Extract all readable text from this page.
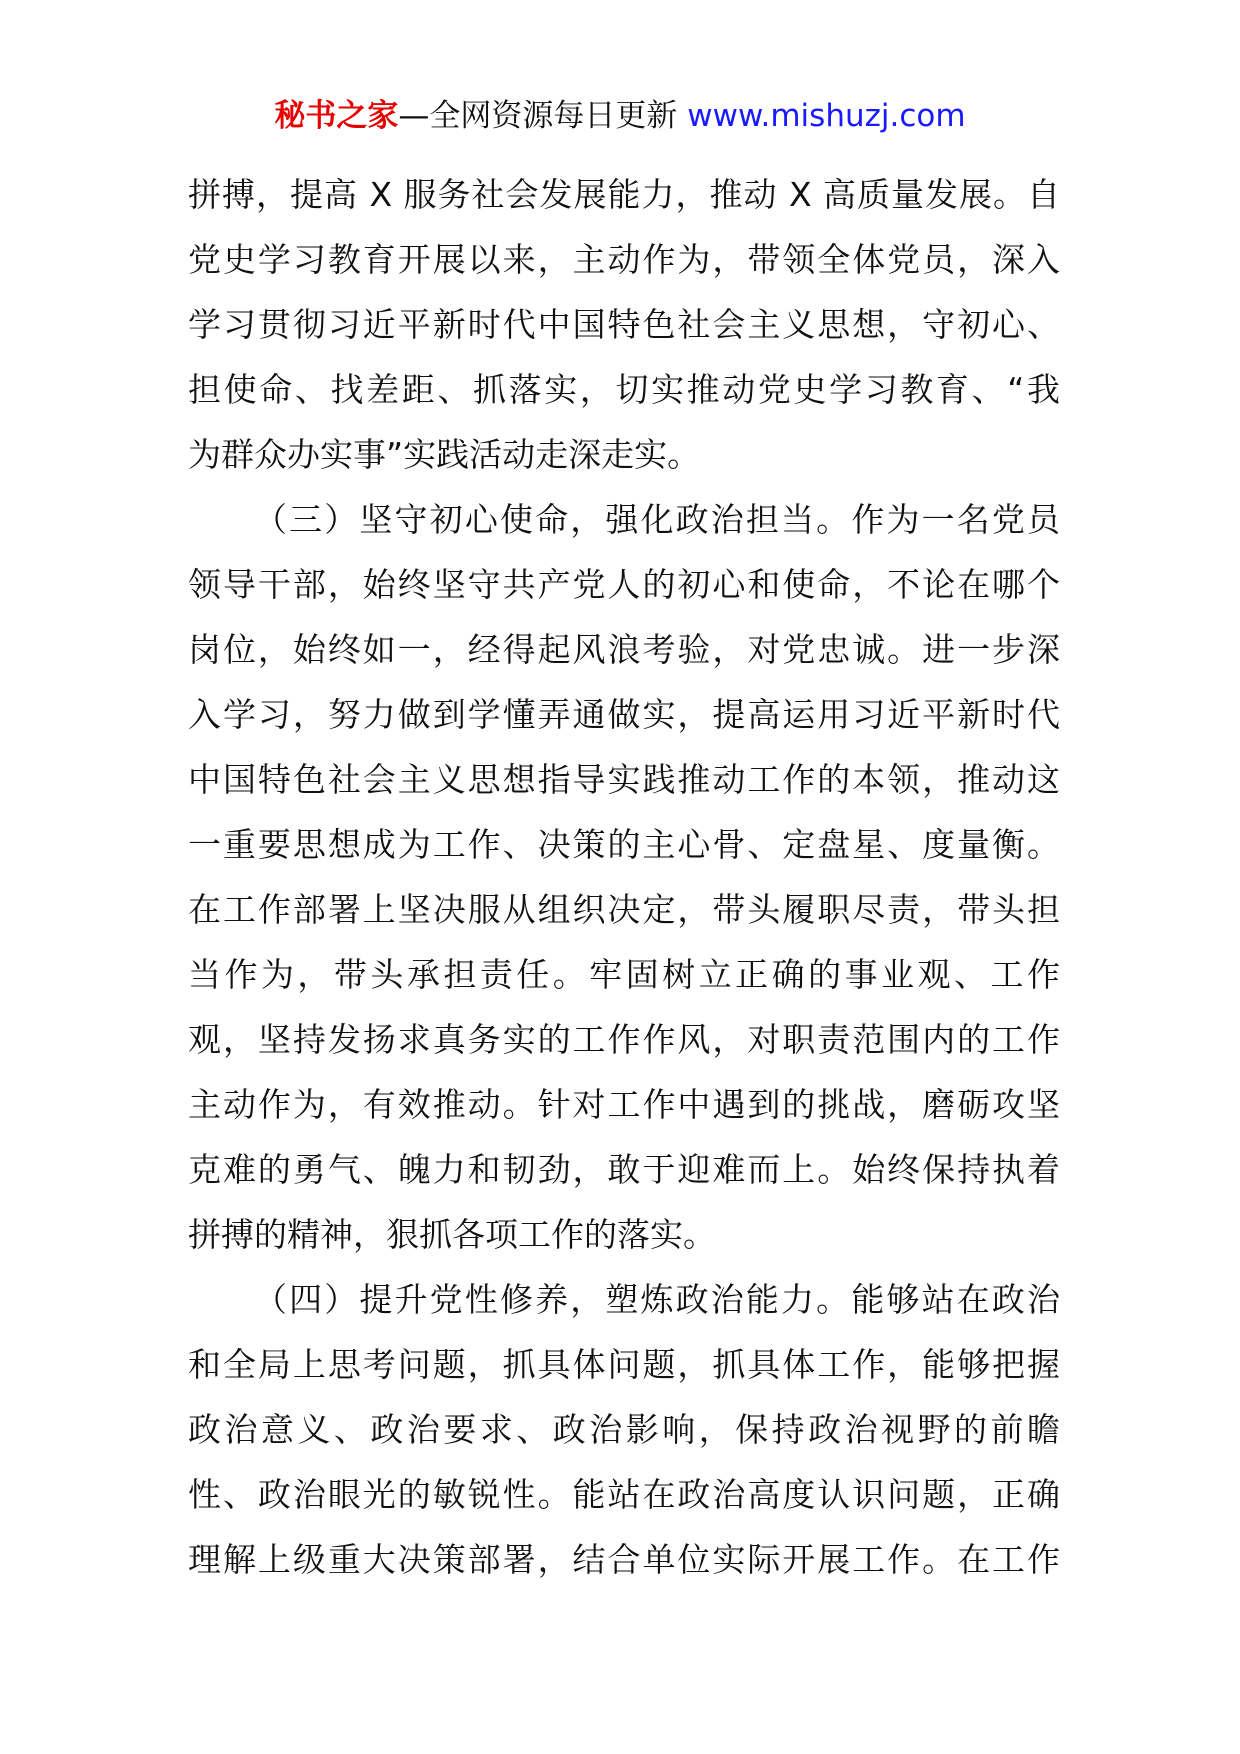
秘书之家—全网资源每日更新 www.mishuzj.com
拼搏，提高 X 服务社会发展能力，推动 X 高质量发展。自
党史学习教育开展以来，主动作为，带领全体党员，深入
学习贯彻习近平新时代中国特色社会主义思想，守初心、
担使命、找差距、抓落实，切实推动党史学习教育、“我
为群众办实事”实践活动走深走实。
（三）坚守初心使命，强化政治担当。作为一名党员
领导干部，始终坚守共产党人的初心和使命，不论在哪个
岗位，始终如一，经得起风浪考验，对党忠诚。进一步深
入学习，努力做到学懂弄通做实，提高运用习近平新时代
中国特色社会主义思想指导实践推动工作的本领，推动这
一重要思想成为工作、决策的主心骨、定盘星、度量衡。
在工作部署上坚决服从组织决定，带头履职尽责，带头担
当作为，带头承担责任。牢固树立正确的事业观、工作
观，坚持发扬求真务实的工作作风，对职责范围内的工作
主动作为，有效推动。针对工作中遇到的挑战，磨砺攻坚
克难的勇气、魄力和韧劲，敢于迎难而上。始终保持执着
拼搏的精神，狠抓各项工作的落实。
（四）提升党性修养，塑炼政治能力。能够站在政治
和全局上思考问题，抓具体问题，抓具体工作，能够把握
政治意义、政治要求、政治影响，保持政治视野的前瞻
性、政治眼光的敏锐性。能站在政治高度认识问题，正确
理解上级重大决策部署，结合单位实际开展工作。在工作
